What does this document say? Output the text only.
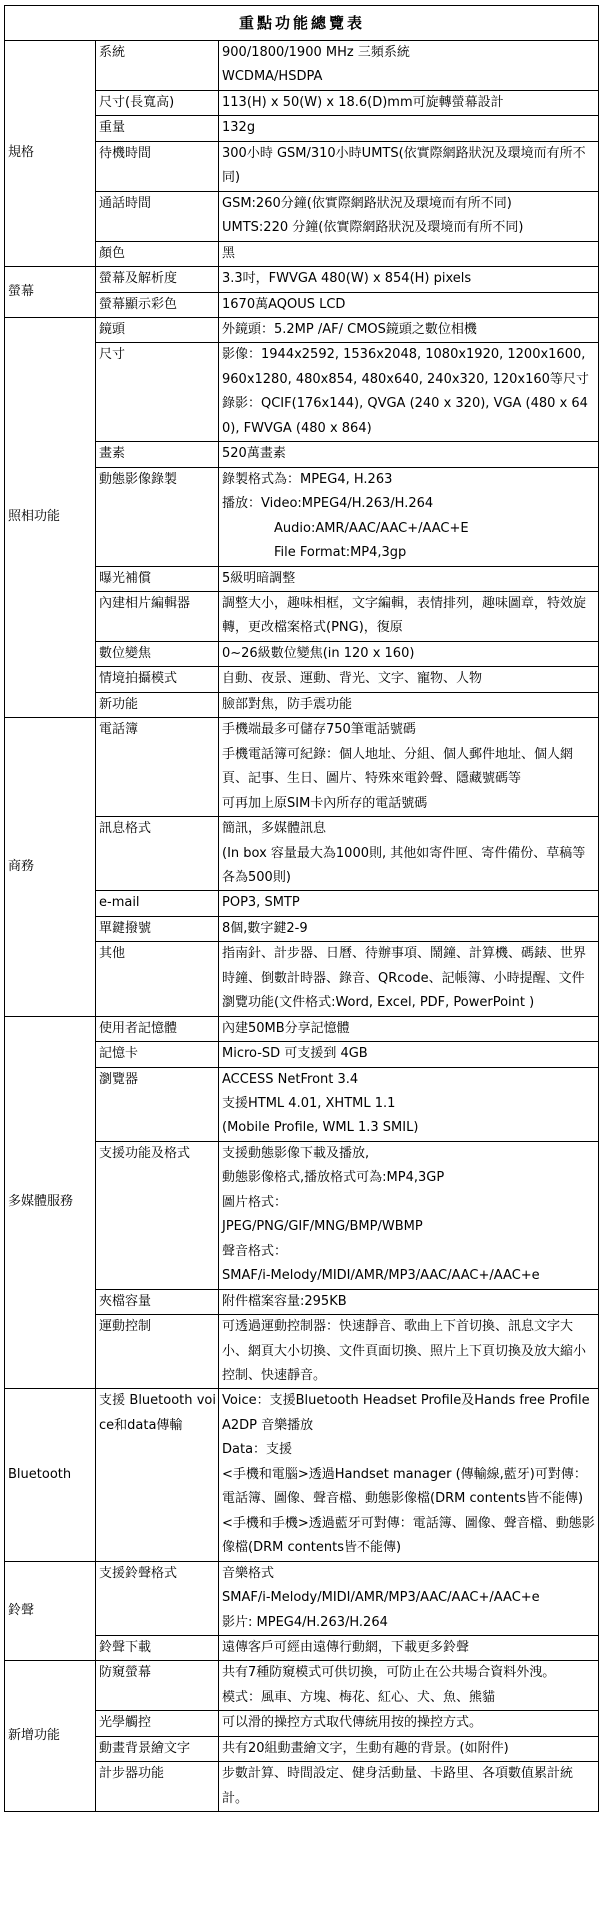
重點功能總覽表		
規格	系統	900/1800/1900 MHz 三頻系統
WCDMA/HSDPA

	尺寸(長寬高)	113(H) x 50(W) x 18.6(D)mm可旋轉螢幕設計

	重量	132g

	待機時間	300小時 GSM/310小時UMTS(依實際網路狀況及環境而有所不同)

	通話時間	GSM:260分鐘(依實際網路狀況及環境而有所不同)
UMTS:220 分鐘(依實際網路狀況及環境而有所不同)

	顏色	黑

螢幕	螢幕及解析度	3.3吋，FWVGA 480(W) x 854(H) pixels

	螢幕顯示彩色	1670萬AQOUS LCD

照相功能	鏡頭	外鏡頭：5.2MP /AF/ CMOS鏡頭之數位相機

	尺寸	影像：1944x2592, 1536x2048, 1080x1920, 1200x1600, 960x1280, 480x854, 480x640, 240x320, 120x160等尺寸
錄影：QCIF(176x144), QVGA (240 x 320), VGA (480 x 640), FWVGA (480 x 864)

	畫素	520萬畫素

	動態影像錄製	錄製格式為：MPEG4, H.263
播放：Video:MPEG4/H.263/H.264
Audio:AMR/AAC/AAC+/AAC+E
File Format:MP4,3gp

	曝光補償	5級明暗調整

	內建相片編輯器	調整大小，趣味相框，文字編輯，表情排列，趣味圖章，特效旋轉，更改檔案格式(PNG)，復原

	數位變焦	0~26級數位變焦(in 120 x 160)

	情境拍攝模式	自動、夜景、運動、背光、文字、寵物、人物

	新功能	臉部對焦，防手震功能

商務	電話簿	手機端最多可儲存750筆電話號碼
手機電話簿可紀錄：個人地址、分組、個人郵件地址、個人網頁、記事、生日、圖片、特殊來電鈴聲、隱藏號碼等
可再加上原SIM卡內所存的電話號碼

	訊息格式	簡訊，多媒體訊息
(In box 容量最大為1000則, 其他如寄件匣、寄件備份、草稿等各為500則)

	e-mail	POP3, SMTP

	單鍵撥號	8個,數字鍵2-9

	其他	指南針、計步器、日曆、待辦事項、鬧鐘、計算機、碼錶、世界時鐘、倒數計時器、錄音、QRcode、記帳簿、小時提醒、文件瀏覽功能(文件格式:Word, Excel, PDF, PowerPoint )

多媒體服務	使用者記憶體	內建50MB分享記憶體

	記憶卡	Micro-SD 可支援到 4GB

	瀏覽器	ACCESS NetFront 3.4
支援HTML 4.01, XHTML 1.1
(Mobile Profile, WML 1.3 SMIL)

支援功能及格式	支援動態影像下載及播放,
動態影像格式,播放格式可為:MP4,3GP
圖片格式：
JPEG/PNG/GIF/MNG/BMP/WBMP
聲音格式：
SMAF/i-Melody/MIDI/AMR/MP3/AAC/AAC+/AAC+e

	夾檔容量	附件檔案容量:295KB

	運動控制	可透過運動控制器：快速靜音、歌曲上下首切換、訊息文字大小、網頁大小切換、文件頁面切換、照片上下頁切換及放大縮小控制、快速靜音。

Bluetooth	支援 Bluetooth voice和data傳輸	Voice：支援Bluetooth Headset Profile及Hands free Profile
A2DP 音樂播放
Data：支援
<手機和電腦>透過Handset manager (傳輸線,藍牙)可對傳：電話簿、圖像、聲音檔、動態影像檔(DRM contents皆不能傳)
<手機和手機>透過藍牙可對傳：電話簿、圖像、聲音檔、動態影像檔(DRM contents皆不能傳)

鈴聲	支援鈴聲格式	音樂格式
SMAF/i-Melody/MIDI/AMR/MP3/AAC/AAC+/AAC+e
影片: MPEG4/H.263/H.264

	鈴聲下載	遠傳客戶可經由遠傳行動網，下載更多鈴聲

新增功能	防窺螢幕	共有7種防窺模式可供切換，可防止在公共場合資料外洩。
模式：風車、方塊、梅花、紅心、犬、魚、熊貓

	光學觸控	可以滑的操控方式取代傳統用按的操控方式。

	動畫背景繪文字	共有20組動畫繪文字，生動有趣的背景。(如附件)

	計步器功能	步數計算、時間設定、健身活動量、卡路里、各項數值累計統計。
